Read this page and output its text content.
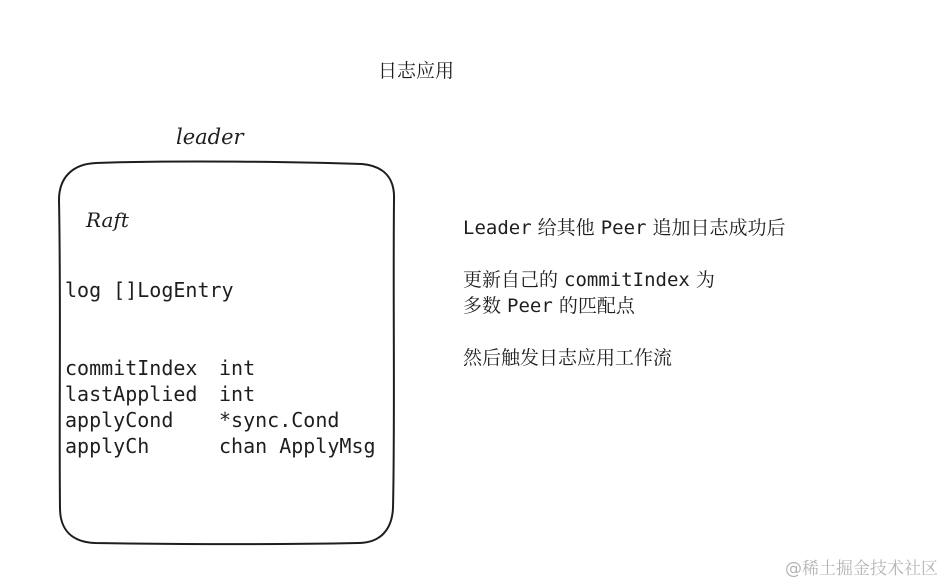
日志应用
leader
Raft
log []LogEntry

commitIndex

int

lastApplied

int

applyCond

*sync.Cond

applyCh

	chan ApplyMsg

Leader 给其他 Peer 追加日志成功后
更新自己的 commitIndex 为
多数 Peer 的匹配点
然后触发日志应用工作流
@稀土掘金技术社区
